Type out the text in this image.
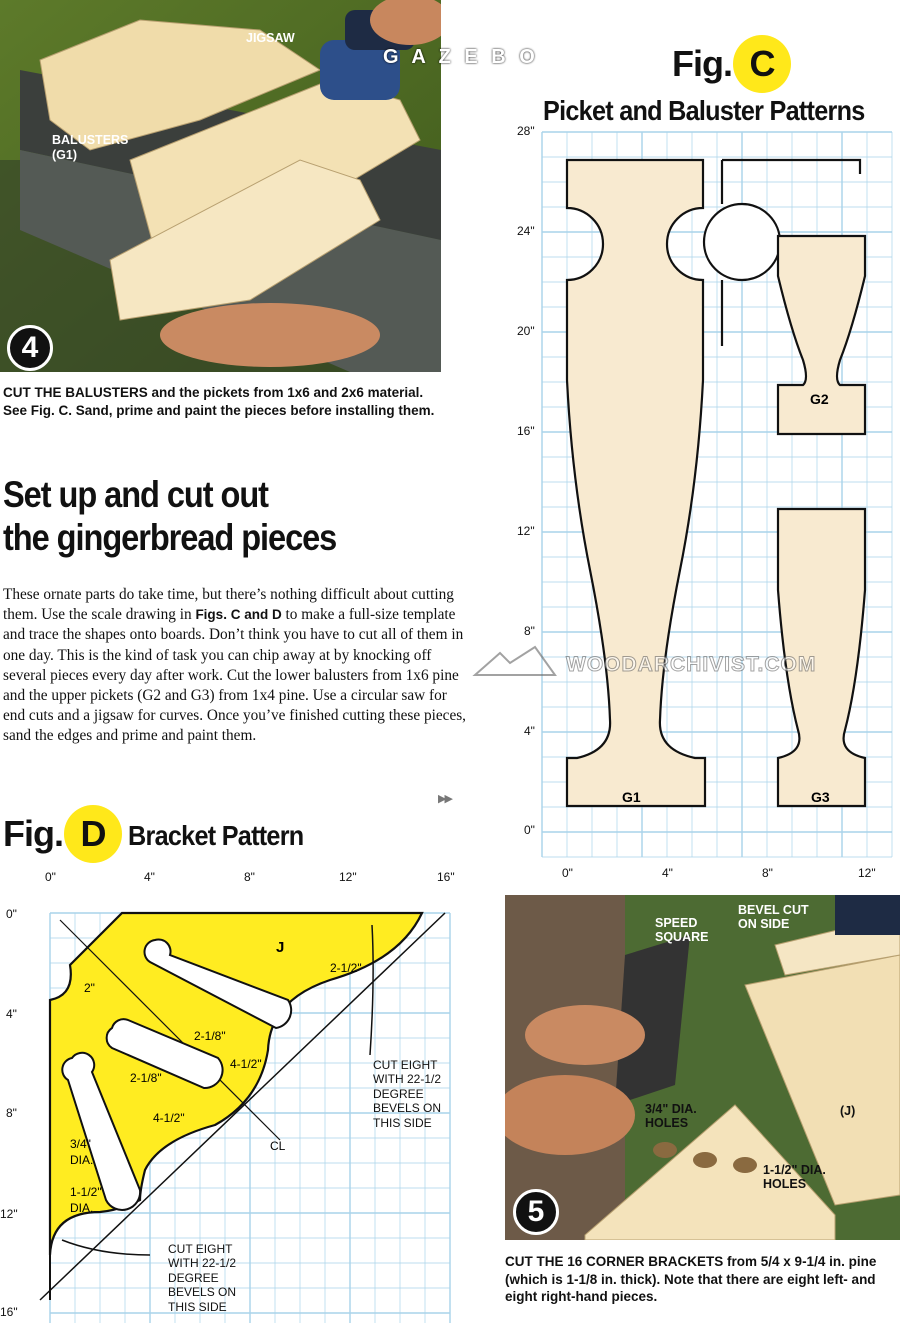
JIGSAW
BALUSTERS
(G1)
4
CUT THE BALUSTERS and the pickets from 1x6 and 2x6 material. See Fig. C. Sand, prime and paint the pieces before installing them.
G A Z E B O
Set up and cut out
the gingerbread pieces
These ornate parts do take time, but there’s nothing difficult about cutting them. Use the scale drawing in Figs. C and D to make a full-size template and trace the shapes onto boards. Don’t think you have to cut all of them in one day. This is the kind of task you can chip away at by knocking off several pieces every day after work. Cut the lower balusters from 1x6 pine and the upper pickets (G2 and G3) from 1x4 pine. Use a circular saw for end cuts and a jigsaw for curves. Once you’ve finished cutting these pieces, sand the edges and prime and paint them.
▶▶
Fig. C
Picket and Baluster Patterns
G1
G2
G3
28"
24"
20"
16"
12"
8"
4"
0"
0"	4"	8"	12"
WOODARCHIVIST.COM
Fig. D Bracket Pattern
J
2"
2-1/8"
2-1/8"
2-1/2"
4-1/2"
4-1/2"
3/4"
DIA.
1-1/2"
DIA.
CL
0"	4"	8"	12"	16"
0"
4"
8"
12"
16"
CUT EIGHT
WITH 22-1/2
DEGREE
BEVELS ON
THIS SIDE
CUT EIGHT
WITH 22-1/2
DEGREE
BEVELS ON
THIS SIDE
SPEED
SQUARE
BEVEL CUT
ON SIDE
3/4" DIA.
HOLES
1-1/2" DIA.
HOLES
(J)
5
CUT THE 16 CORNER BRACKETS from 5/4 x 9-1/4 in. pine (which is 1-1/8 in. thick). Note that there are eight left- and eight right-hand pieces.
